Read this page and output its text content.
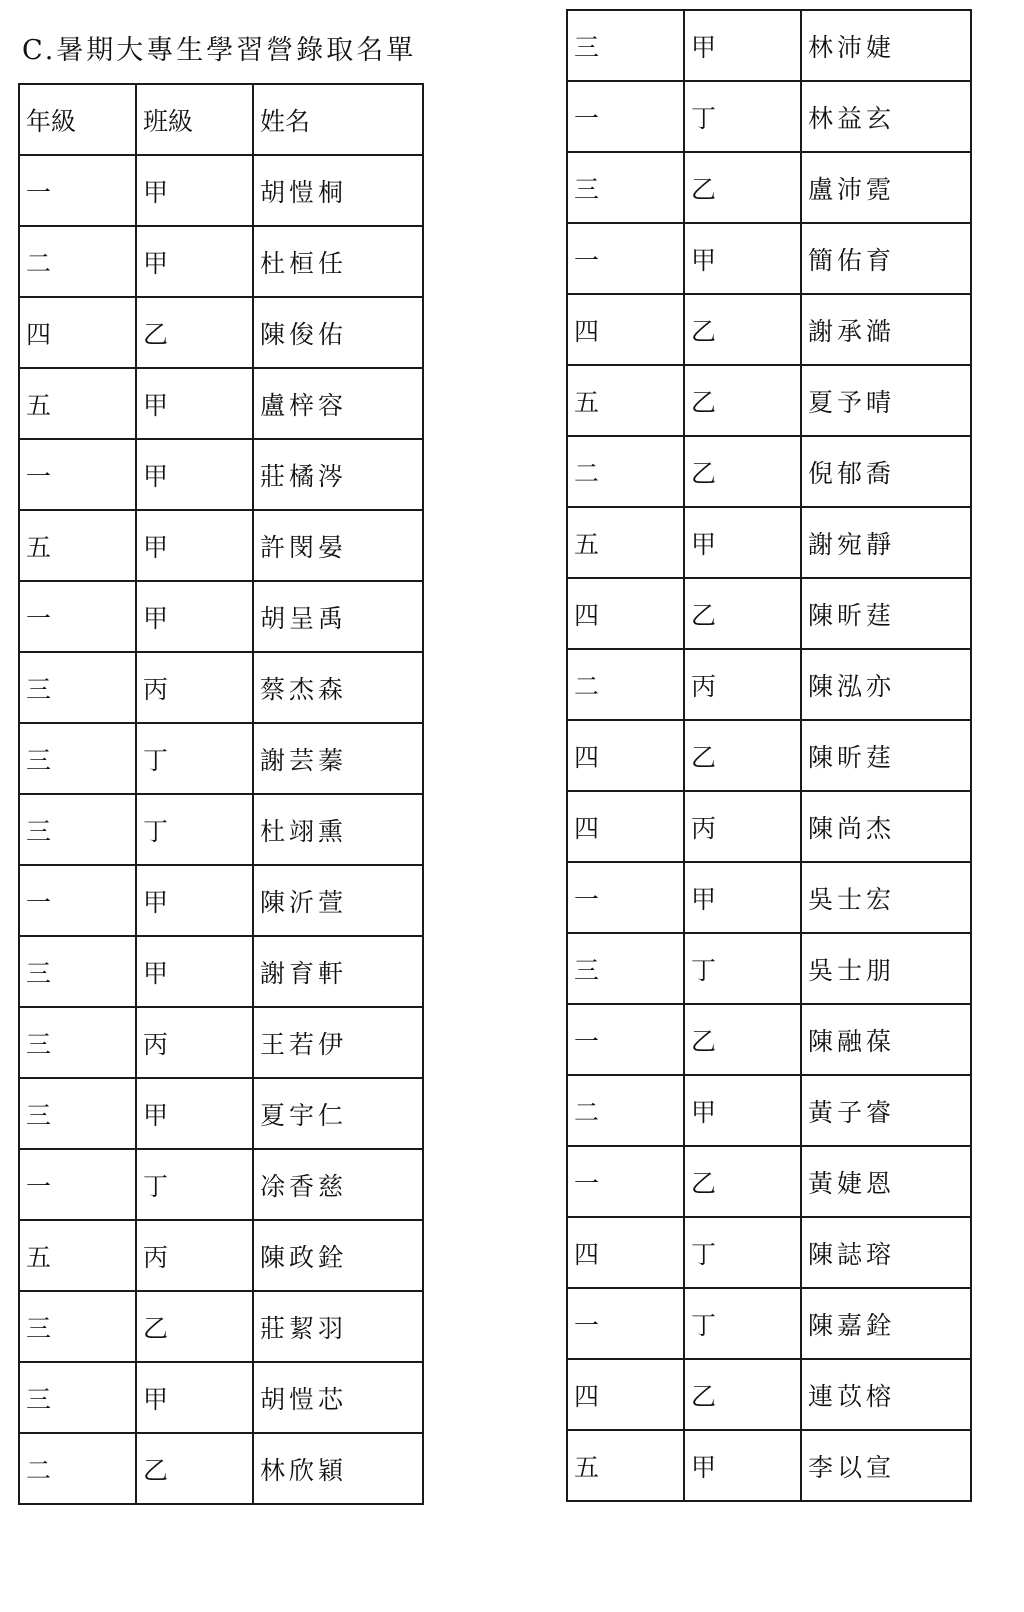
C.暑期大專生學習營錄取名單
年級	班級	姓名
一	甲	胡愷桐
二	甲	杜桓任
四	乙	陳俊佑
五	甲	盧梓容
一	甲	莊橘涔
五	甲	許閔晏
一	甲	胡呈禹
三	丙	蔡杰森
三	丁	謝芸蓁
三	丁	杜翊熏
一	甲	陳沂萱
三	甲	謝育軒
三	丙	王若伊
三	甲	夏宇仁
一	丁	凃香慈
五	丙	陳政銓
三	乙	莊絜羽
三	甲	胡愷芯
二	乙	林欣穎
三	甲	林沛婕
一	丁	林益玄
三	乙	盧沛霓
一	甲	簡佑育
四	乙	謝承澔
五	乙	夏予晴
二	乙	倪郁喬
五	甲	謝宛靜
四	乙	陳昕莛
二	丙	陳泓亦
四	乙	陳昕莛
四	丙	陳尚杰
一	甲	吳士宏
三	丁	吳士朋
一	乙	陳融葆
二	甲	黃子睿
一	乙	黃婕恩
四	丁	陳誌瑢
一	丁	陳嘉銓
四	乙	連苡榕
五	甲	李以宣
